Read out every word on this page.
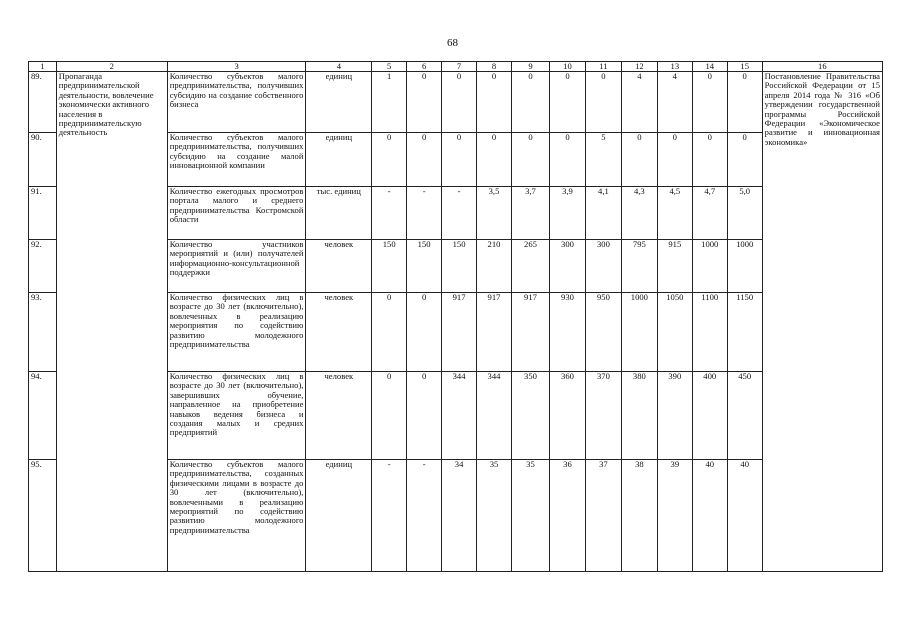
68
1	2	3	4	5	6	7	8	9	10	11	12	13	14	15	16
89.	Пропаганда предпринимательской деятельности, вовлечение экономически активного населения в предпринимательскую деятельность	Количество субъектов малого предпринимательства, получивших субсидию на создание собственного бизнеса	единиц	1	0	0	0	0	0	0	4	4	0	0	Постановление Правительства Российской Федерации от 15 апреля 2014 года № 316 «Об утверждении государственной программы Российской Федерации «Экономическое развитие и инновационная экономика»
90.		Количество субъектов малого предпринимательства, получивших субсидию на создание малой инновационной компании	единиц	0	0	0	0	0	0	5	0	0	0	0	
91.		Количество ежегодных просмотров портала малого и среднего предпринимательства Костромской области	тыс. единиц	-	-	-	3,5	3,7	3,9	4,1	4,3	4,5	4,7	5,0	
92.		Количество участников мероприятий и (или) получателей информационно-консультационной поддержки	человек	150	150	150	210	265	300	300	795	915	1000	1000	
93.		Количество физических лиц в возрасте до 30 лет (включительно), вовлеченных в реализацию мероприятия по содействию развитию молодежного предпринимательства	человек	0	0	917	917	917	930	950	1000	1050	1100	1150	
94.		Количество физических лиц в возрасте до 30 лет (включительно), завершивших обучение, направленное на приобретение навыков ведения бизнеса и создания малых и средних предприятий	человек	0	0	344	344	350	360	370	380	390	400	450	
95.		Количество субъектов малого предпринимательства, созданных физическими лицами в возрасте до 30 лет (включительно), вовлеченными в реализацию мероприятий по содействию развитию молодежного предпринимательства	единиц	-	-	34	35	35	36	37	38	39	40	40	
